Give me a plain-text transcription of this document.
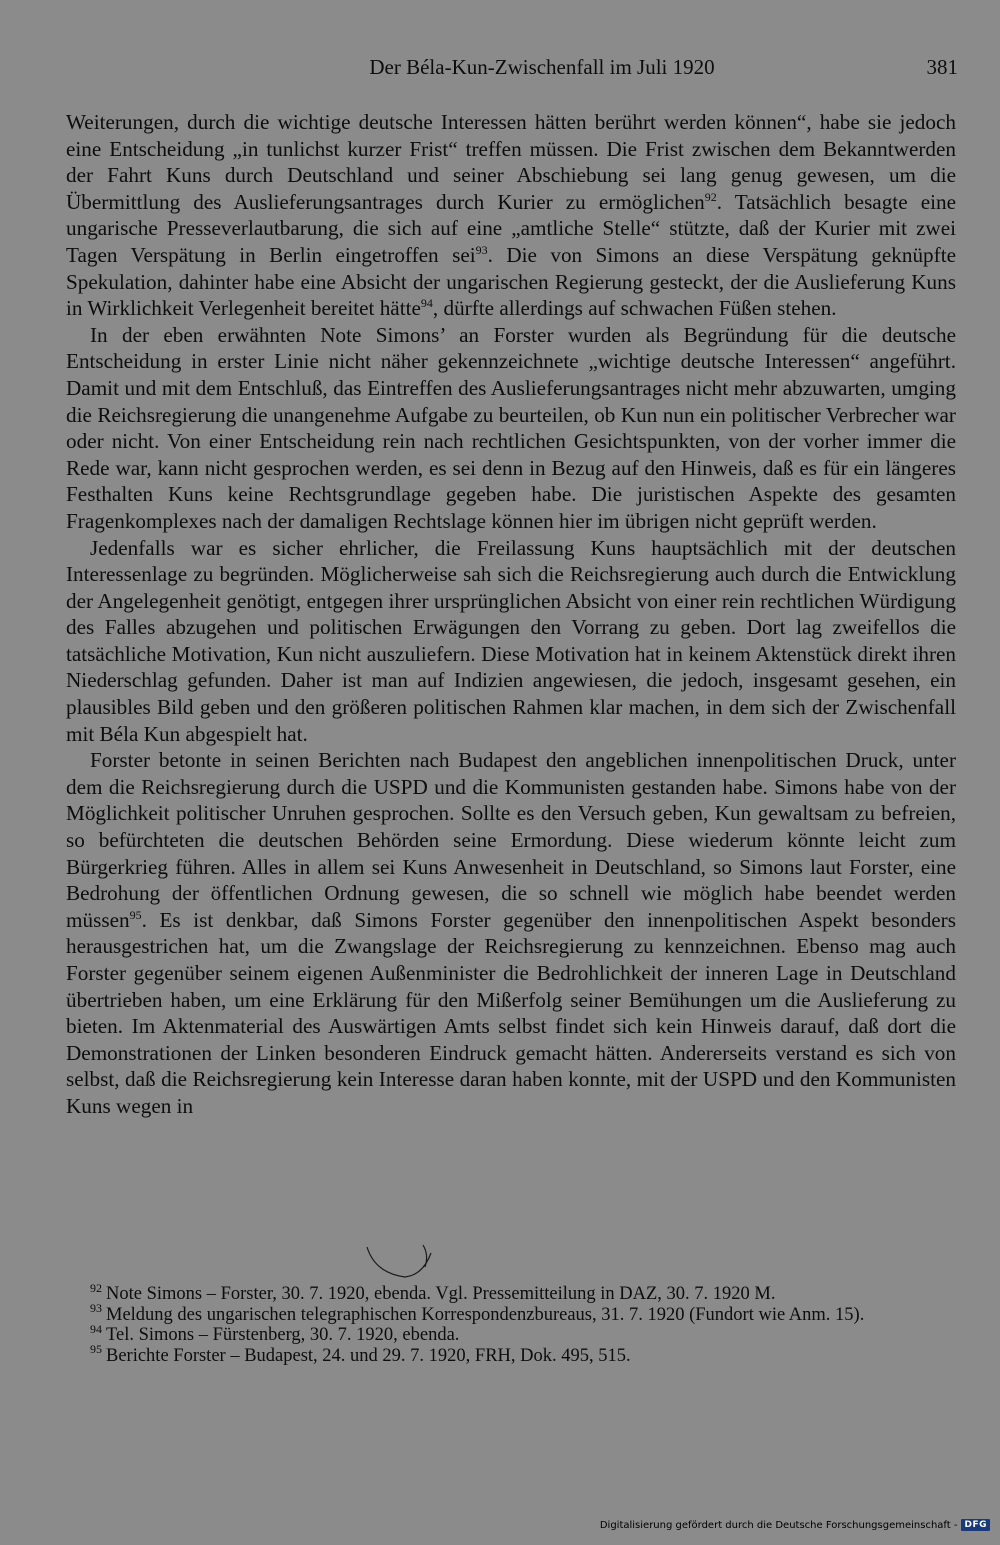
Der Béla-Kun-Zwischenfall im Juli 1920	381

Weiterungen, durch die wichtige deutsche Interessen hätten berührt werden können“, habe sie jedoch eine Entscheidung „in tunlichst kurzer Frist“ treffen müssen. Die Frist zwischen dem Bekanntwerden der Fahrt Kuns durch Deutschland und seiner Abschiebung sei lang genug gewesen, um die Übermittlung des Auslieferungsantrages durch Kurier zu ermöglichen$^{92}$. Tatsächlich besagte eine ungarische Presseverlautbarung, die sich auf eine „amtliche Stelle“ stützte, daß der Kurier mit zwei Tagen Verspätung in Berlin eingetroffen sei$^{93}$. Die von Simons an diese Verspätung geknüpfte Spekulation, dahinter habe eine Absicht der ungarischen Regierung gesteckt, der die Auslieferung Kuns in Wirklichkeit Verlegenheit bereitet hätte$^{94}$, dürfte allerdings auf schwachen Füßen stehen.

In der eben erwähnten Note Simons’ an Forster wurden als Begründung für die deutsche Entscheidung in erster Linie nicht näher gekennzeichnete „wichtige deutsche Interessen“ angeführt. Damit und mit dem Entschluß, das Eintreffen des Auslieferungsantrages nicht mehr abzuwarten, umging die Reichsregierung die unangenehme Aufgabe zu beurteilen, ob Kun nun ein politischer Verbrecher war oder nicht. Von einer Entscheidung rein nach rechtlichen Gesichtspunkten, von der vorher immer die Rede war, kann nicht gesprochen werden, es sei denn in Bezug auf den Hinweis, daß es für ein längeres Festhalten Kuns keine Rechtsgrundlage gegeben habe. Die juristischen Aspekte des gesamten Fragenkomplexes nach der damaligen Rechtslage können hier im übrigen nicht geprüft werden.

Jedenfalls war es sicher ehrlicher, die Freilassung Kuns hauptsächlich mit der deutschen Interessenlage zu begründen. Möglicherweise sah sich die Reichsregierung auch durch die Entwicklung der Angelegenheit genötigt, entgegen ihrer ursprünglichen Absicht von einer rein rechtlichen Würdigung des Falles abzugehen und politischen Erwägungen den Vorrang zu geben. Dort lag zweifellos die tatsächliche Motivation, Kun nicht auszuliefern. Diese Motivation hat in keinem Aktenstück direkt ihren Niederschlag gefunden. Daher ist man auf Indizien angewiesen, die jedoch, insgesamt gesehen, ein plausibles Bild geben und den größeren politischen Rahmen klar machen, in dem sich der Zwischenfall mit Béla Kun abgespielt hat.

Forster betonte in seinen Berichten nach Budapest den angeblichen innenpolitischen Druck, unter dem die Reichsregierung durch die USPD und die Kommunisten gestanden habe. Simons habe von der Möglichkeit politischer Unruhen gesprochen. Sollte es den Versuch geben, Kun gewaltsam zu befreien, so befürchteten die deutschen Behörden seine Ermordung. Diese wiederum könnte leicht zum Bürgerkrieg führen. Alles in allem sei Kuns Anwesenheit in Deutschland, so Simons laut Forster, eine Bedrohung der öffentlichen Ordnung gewesen, die so schnell wie möglich habe beendet werden müssen$^{95}$. Es ist denkbar, daß Simons Forster gegenüber den innenpolitischen Aspekt besonders herausgestrichen hat, um die Zwangslage der Reichsregierung zu kennzeichnen. Ebenso mag auch Forster gegenüber seinem eigenen Außenminister die Bedrohlichkeit der inneren Lage in Deutschland übertrieben haben, um eine Erklärung für den Mißerfolg seiner Bemühungen um die Auslieferung zu bieten. Im Aktenmaterial des Auswärtigen Amts selbst findet sich kein Hinweis darauf, daß dort die Demonstrationen der Linken besonderen Eindruck gemacht hätten. Andererseits verstand es sich von selbst, daß die Reichsregierung kein Interesse daran haben konnte, mit der USPD und den Kommunisten Kuns wegen in

$^{92}$ Note Simons – Forster, 30. 7. 1920, ebenda. Vgl. Pressemitteilung in DAZ, 30. 7. 1920 M.

$^{93}$ Meldung des ungarischen telegraphischen Korrespondenzbureaus, 31. 7. 1920 (Fundort wie Anm. 15).

$^{94}$ Tel. Simons – Fürstenberg, 30. 7. 1920, ebenda.

$^{95}$ Berichte Forster – Budapest, 24. und 29. 7. 1920, FRH, Dok. 495, 515.

Digitalisierung gefördert durch die Deutsche Forschungsgemeinschaft - DFG
